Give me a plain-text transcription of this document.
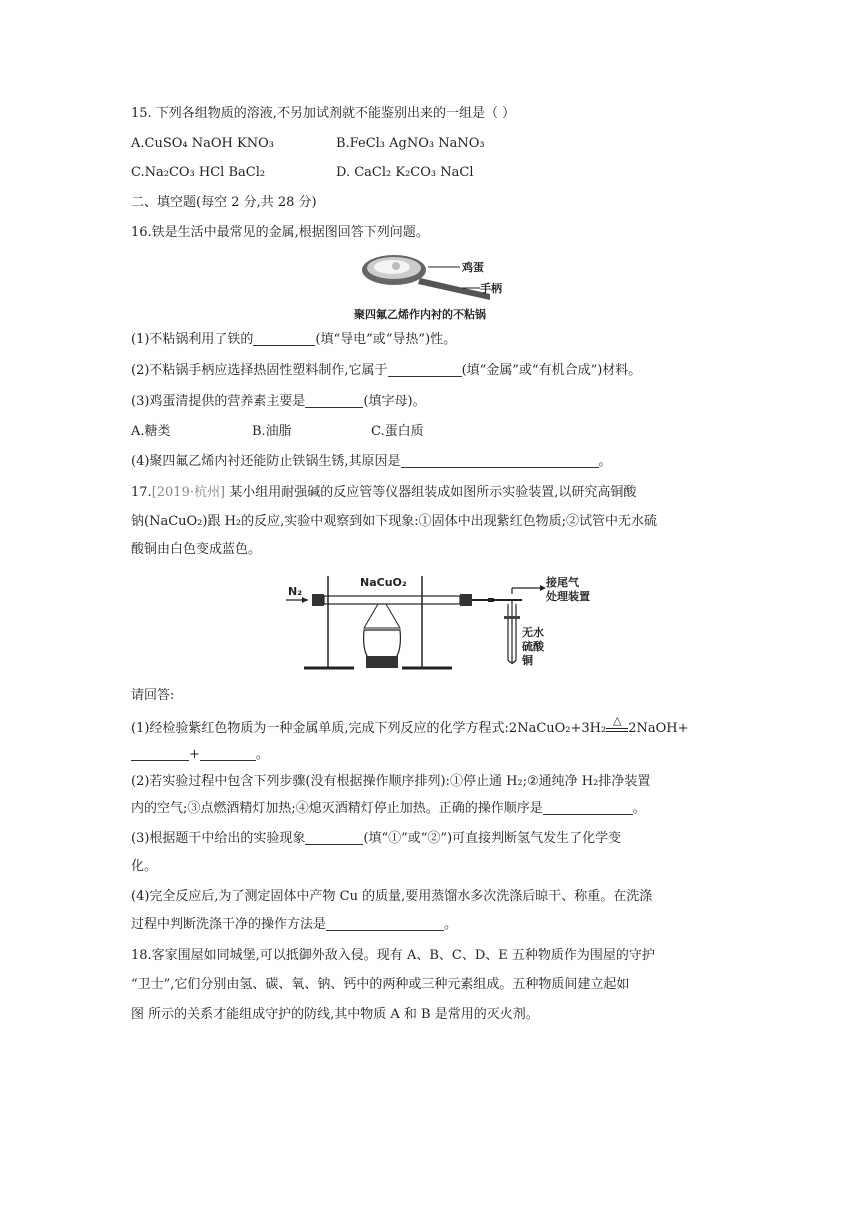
15. 下列各组物质的溶液,不另加试剂就不能鉴别出来的一组是（ ）
A.CuSO₄ NaOH KNO₃	B.FeCl₃ AgNO₃ NaNO₃
C.Na₂CO₃ HCl BaCl₂	D. CaCl₂ K₂CO₃ NaCl
二、填空题(每空 2 分,共 28 分)
16.铁是生活中最常见的金属,根据图回答下列问题。
鸡蛋
手柄
聚四氟乙烯作内衬的不粘锅
(1)不粘锅利用了铁的	(填“导电”或“导热”)性。
(2)不粘锅手柄应选择热固性塑料制作,它属于	(填“金属”或“有机合成”)材料。
(3)鸡蛋清提供的营养素主要是	(填字母)。
A.糖类	B.油脂	C.蛋白质
(4)聚四氟乙烯内衬还能防止铁锅生锈,其原因是	。
17.[2019·杭州] 某小组用耐强碱的反应管等仪器组装成如图所示实验装置,以研究高铜酸
钠(NaCuO₂)跟 H₂的反应,实验中观察到如下现象:①固体中出现紫红色物质;②试管中无水硫
酸铜由白色变成蓝色。
N₂
接尾气
处理装置
无水
硫酸
铜
NaCuO₂
请回答:
(1)经检验紫红色物质为一种金属单质,完成下列反应的化学方程式:2NaCuO₂+3H₂
△
2NaOH+
+	。
(2)若实验过程中包含下列步骤(没有根据操作顺序排列):①停止通 H₂;②通纯净 H₂排净装置
内的空气;③点燃酒精灯加热;④熄灭酒精灯停止加热。正确的操作顺序是	。
(3)根据题干中给出的实验现象	(填“①”或“②”)可直接判断氢气发生了化学变
化。
(4)完全反应后,为了测定固体中产物 Cu 的质量,要用蒸馏水多次洗涤后晾干、称重。在洗涤
过程中判断洗涤干净的操作方法是	。
18.客家围屋如同城堡,可以抵御外敌入侵。现有 A、B、C、D、E 五种物质作为围屋的守护
“卫士”,它们分别由氢、碳、氧、钠、钙中的两种或三种元素组成。五种物质间建立起如
图 所示的关系才能组成守护的防线,其中物质 A 和 B 是常用的灭火剂。
